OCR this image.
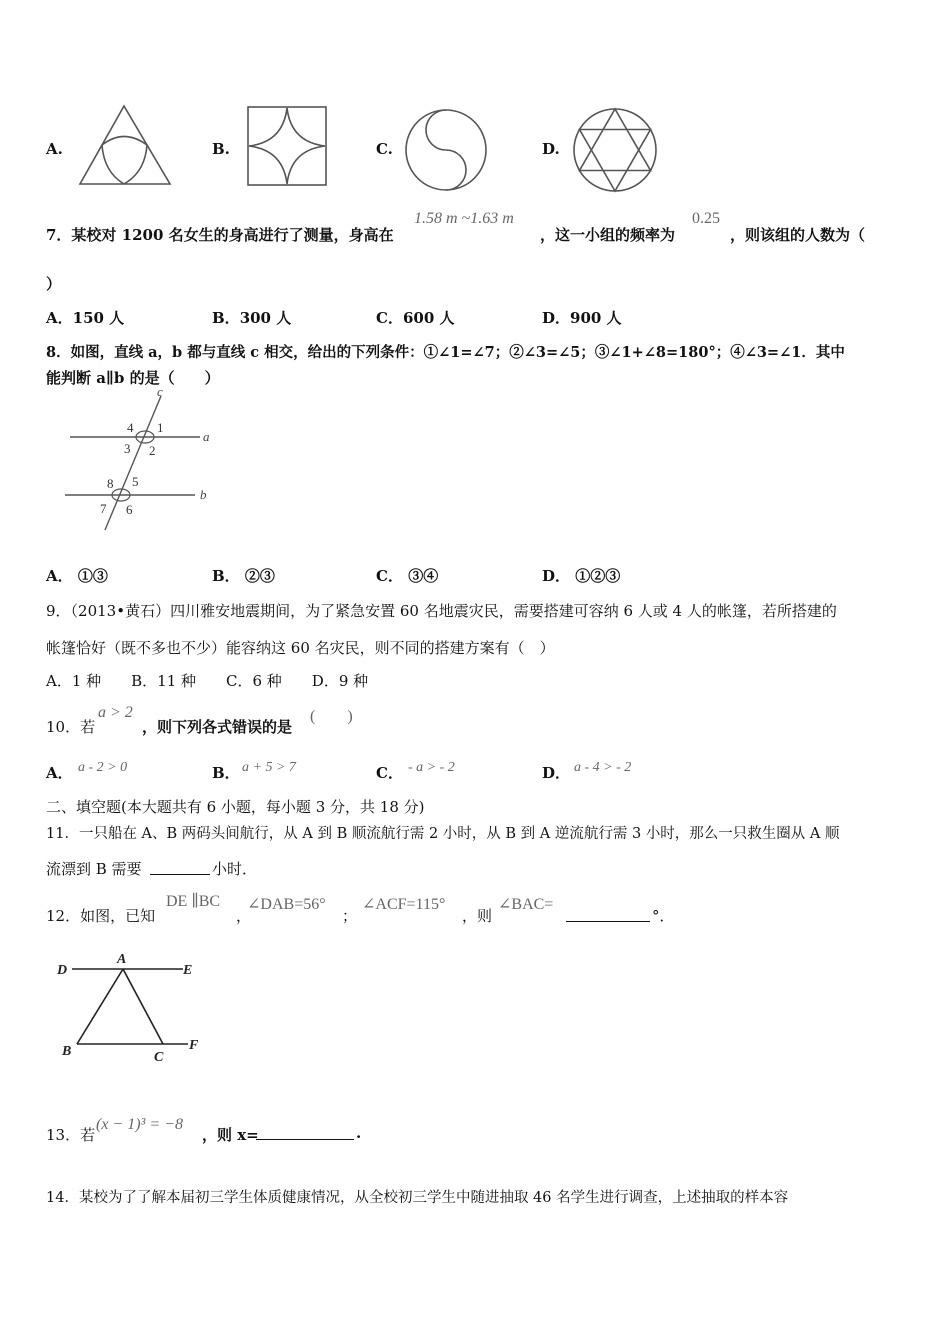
A.	B.	C.	D.
7．某校对 1200 名女生的身高进行了测量，身高在
1.58 m ~1.63 m
，这一小组的频率为
0.25
，则该组的人数为（
）
A．150 人	B．300 人	C．600 人	D．900 人
8．如图，直线 a，b 都与直线 c 相交，给出的下列条件：①∠1=∠7；②∠3=∠5；③∠1+∠8=180°；④∠3=∠1．其中
能判断 a∥b 的是（　　）
c
a
b
4 1
3 2
8 5
7 6
A． ①③	B． ②③	C． ③④	D． ①②③
9．（2013•黄石）四川雅安地震期间，为了紧急安置 60 名地震灾民，需要搭建可容纳 6 人或 4 人的帐篷，若所搭建的
帐篷恰好（既不多也不少）能容纳这 60 名灾民，则不同的搭建方案有（　）
A．1 种　　B．11 种　　C．6 种　　D．9 种
10．若
a > 2
，则下列各式错误的是
(　　)
A． a - 2 > 0	B． a + 5 > 7	C． - a > - 2	D． a - 4 > - 2
二、填空题(本大题共有 6 小题，每小题 3 分，共 18 分)
11．一只船在 A、B 两码头间航行，从 A 到 B 顺流航行需 2 小时，从 B 到 A 逆流航行需 3 小时，那么一只救生圈从 A 顺
流漂到 B 需要	小时．
12．如图，已知
DE ∥BC
，
∠DAB=56°
；
∠ACF=115°
，则
∠BAC=
°．
D
A
E
B	C
F
13．若
(x − 1)³ = −8
，则 x=	.
14．某校为了了解本届初三学生体质健康情况，从全校初三学生中随进抽取 46 名学生进行调查，上述抽取的样本容
